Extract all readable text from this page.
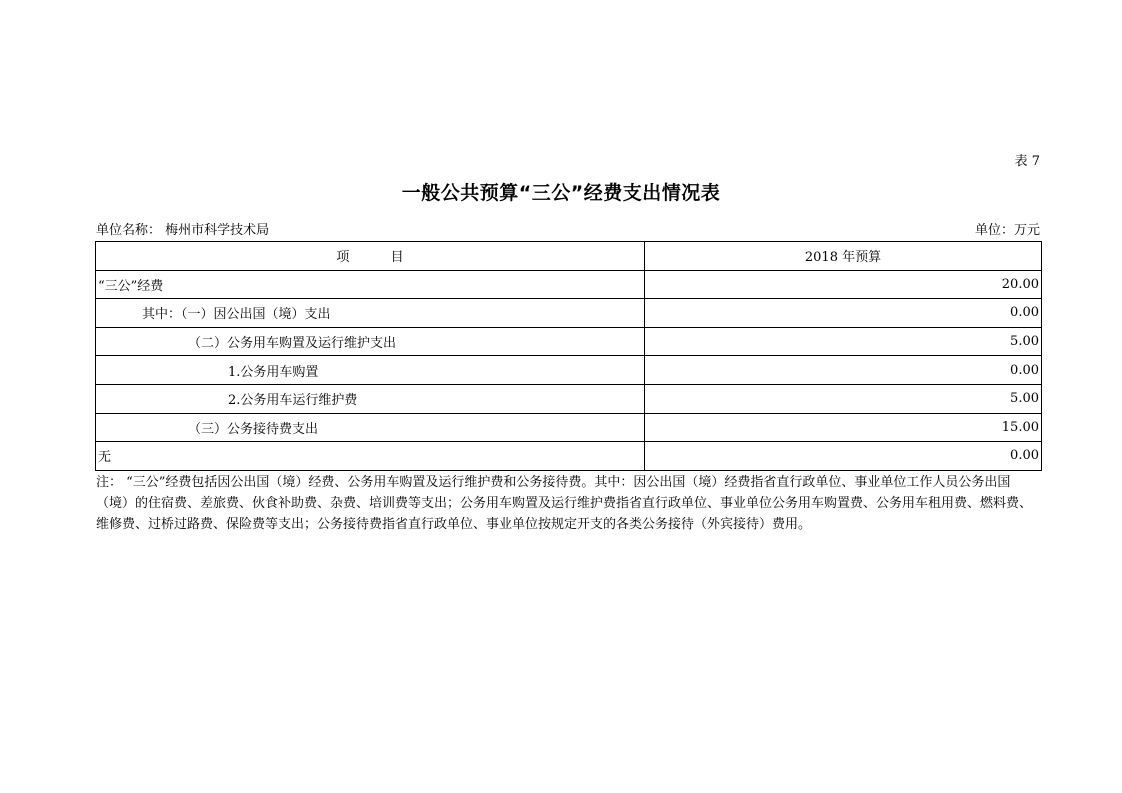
表 7
一般公共预算“三公”经费支出情况表
单位名称： 梅州市科学技术局	单位：万元
项          目	2018 年预算
“三公”经费	20.00
其中：（一）因公出国（境）支出	0.00
（二）公务用车购置及运行维护支出	5.00
1.公务用车购置	0.00
2.公务用车运行维护费	5.00
（三）公务接待费支出	15.00
无	0.00
注： “三公”经费包括因公出国（境）经费、公务用车购置及运行维护费和公务接待费。其中：因公出国（境）经费指省直行政单位、事业单位工作人员公务出国（境）的住宿费、差旅费、伙食补助费、杂费、培训费等支出；公务用车购置及运行维护费指省直行政单位、事业单位公务用车购置费、公务用车租用费、燃料费、维修费、过桥过路费、保险费等支出；公务接待费指省直行政单位、事业单位按规定开支的各类公务接待（外宾接待）费用。
